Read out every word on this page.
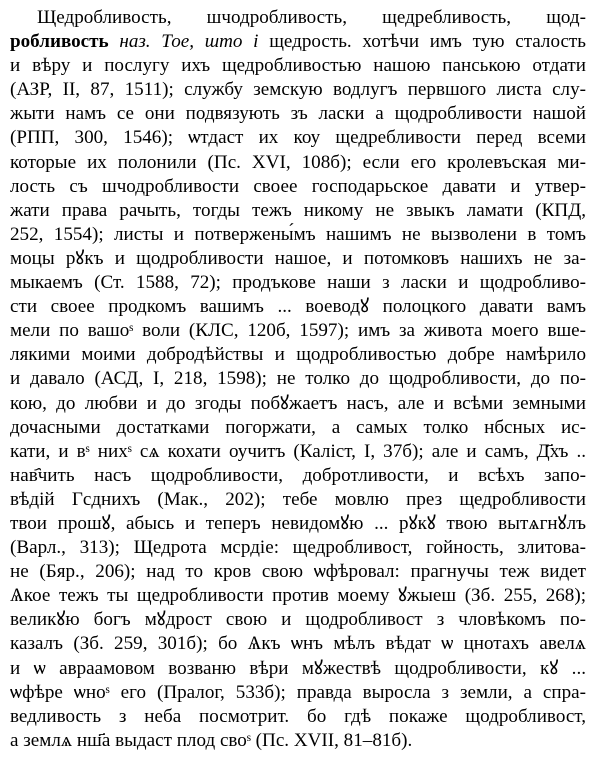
Щедробливость, шчодробливость, щедребливость, щод-
робливость наз. Тое, што і щедрость. хотѣчи имъ тую сталость
и вѣру и послугу ихъ щедробливостью нашою панською отдати
(АЗР, II, 87, 1511); службу земскую водлугъ первшого листа слу-
жыти намъ се они подвязують зъ ласки а щодробливости нашой
(РПП, 300, 1546); ѡтдаст их коу щедребливости перед всеми
которые их полонили (Пс. XVI, 108б); если его кролевъская ми-
лость съ шчодробливости своее господарьское давати и утвер-
жати права рачыть, тогды тежъ никому не звыкъ ламати (КПД,
252, 1554); листы и потвержены́мъ нашимъ не вызволени в томъ
моцы рꙋкъ и щодробливости нашое, и потомковъ нашихъ не за-
мыкаемъ (Ст. 1588, 72); продъкове наши з ласки и щодробливо-
сти своее продкомъ вашимъ ... воеводꙋ полоцкого давати вамъ
мели по вашоˢ воли (КЛС, 120б, 1597); имъ за живота моего вше-
лякими моими добродѣйствы и щодробливостью добре намѣрило
и давало (АСД, I, 218, 1598); не толко до щодробливости, до по-
кою, до любви и до згоды побꙋжаетъ насъ, але и всѣми земными
дочасными достатками погоржати, а самых толко нбсных ис-
кати, и вˢ нихˢ сѧ кохати оучитъ (Каліст, I, 37б); але и самъ, Д҃хъ ..
нав҄чить насъ щодробливости, добротливости, и всѣхъ запо-
вѣдій Гсднихъ (Мак., 202); тебе мовлю през щедробливости
твои прошꙋ, абысь и теперъ невидомꙋю ... рꙋкꙋ твою вытѧгнꙋлъ
(Варл., 313); Щедрота мсрдіе: щедробливост, гойность, злитова-
не (Бяр., 206); над то кров свою ѡфѣровал: прагнучы теж видет
Ѧкое тежъ ты щедробливости против моему ꙋжыеш (Зб. 255, 268);
великꙋю богъ мꙋдрост свою и щодробливост з чловѣкомъ по-
казалъ (Зб. 259, 301б); бо Ѧкъ ѡнъ мѣлъ вѣдат ѡ цнотахъ авелѧ
и ѡ авраамовом возваню вѣри мꙋжествѣ щодробливости, кꙋ ...
ѡфѣре ѡноˢ его (Пралог, 533б); правда выросла з земли, а спра-
ведливость з неба посмотрит. бо гдѣ покаже щодробливост,
а землѧ нш҃а выдаст плод своˢ (Пс. XVII, 81–81б).
